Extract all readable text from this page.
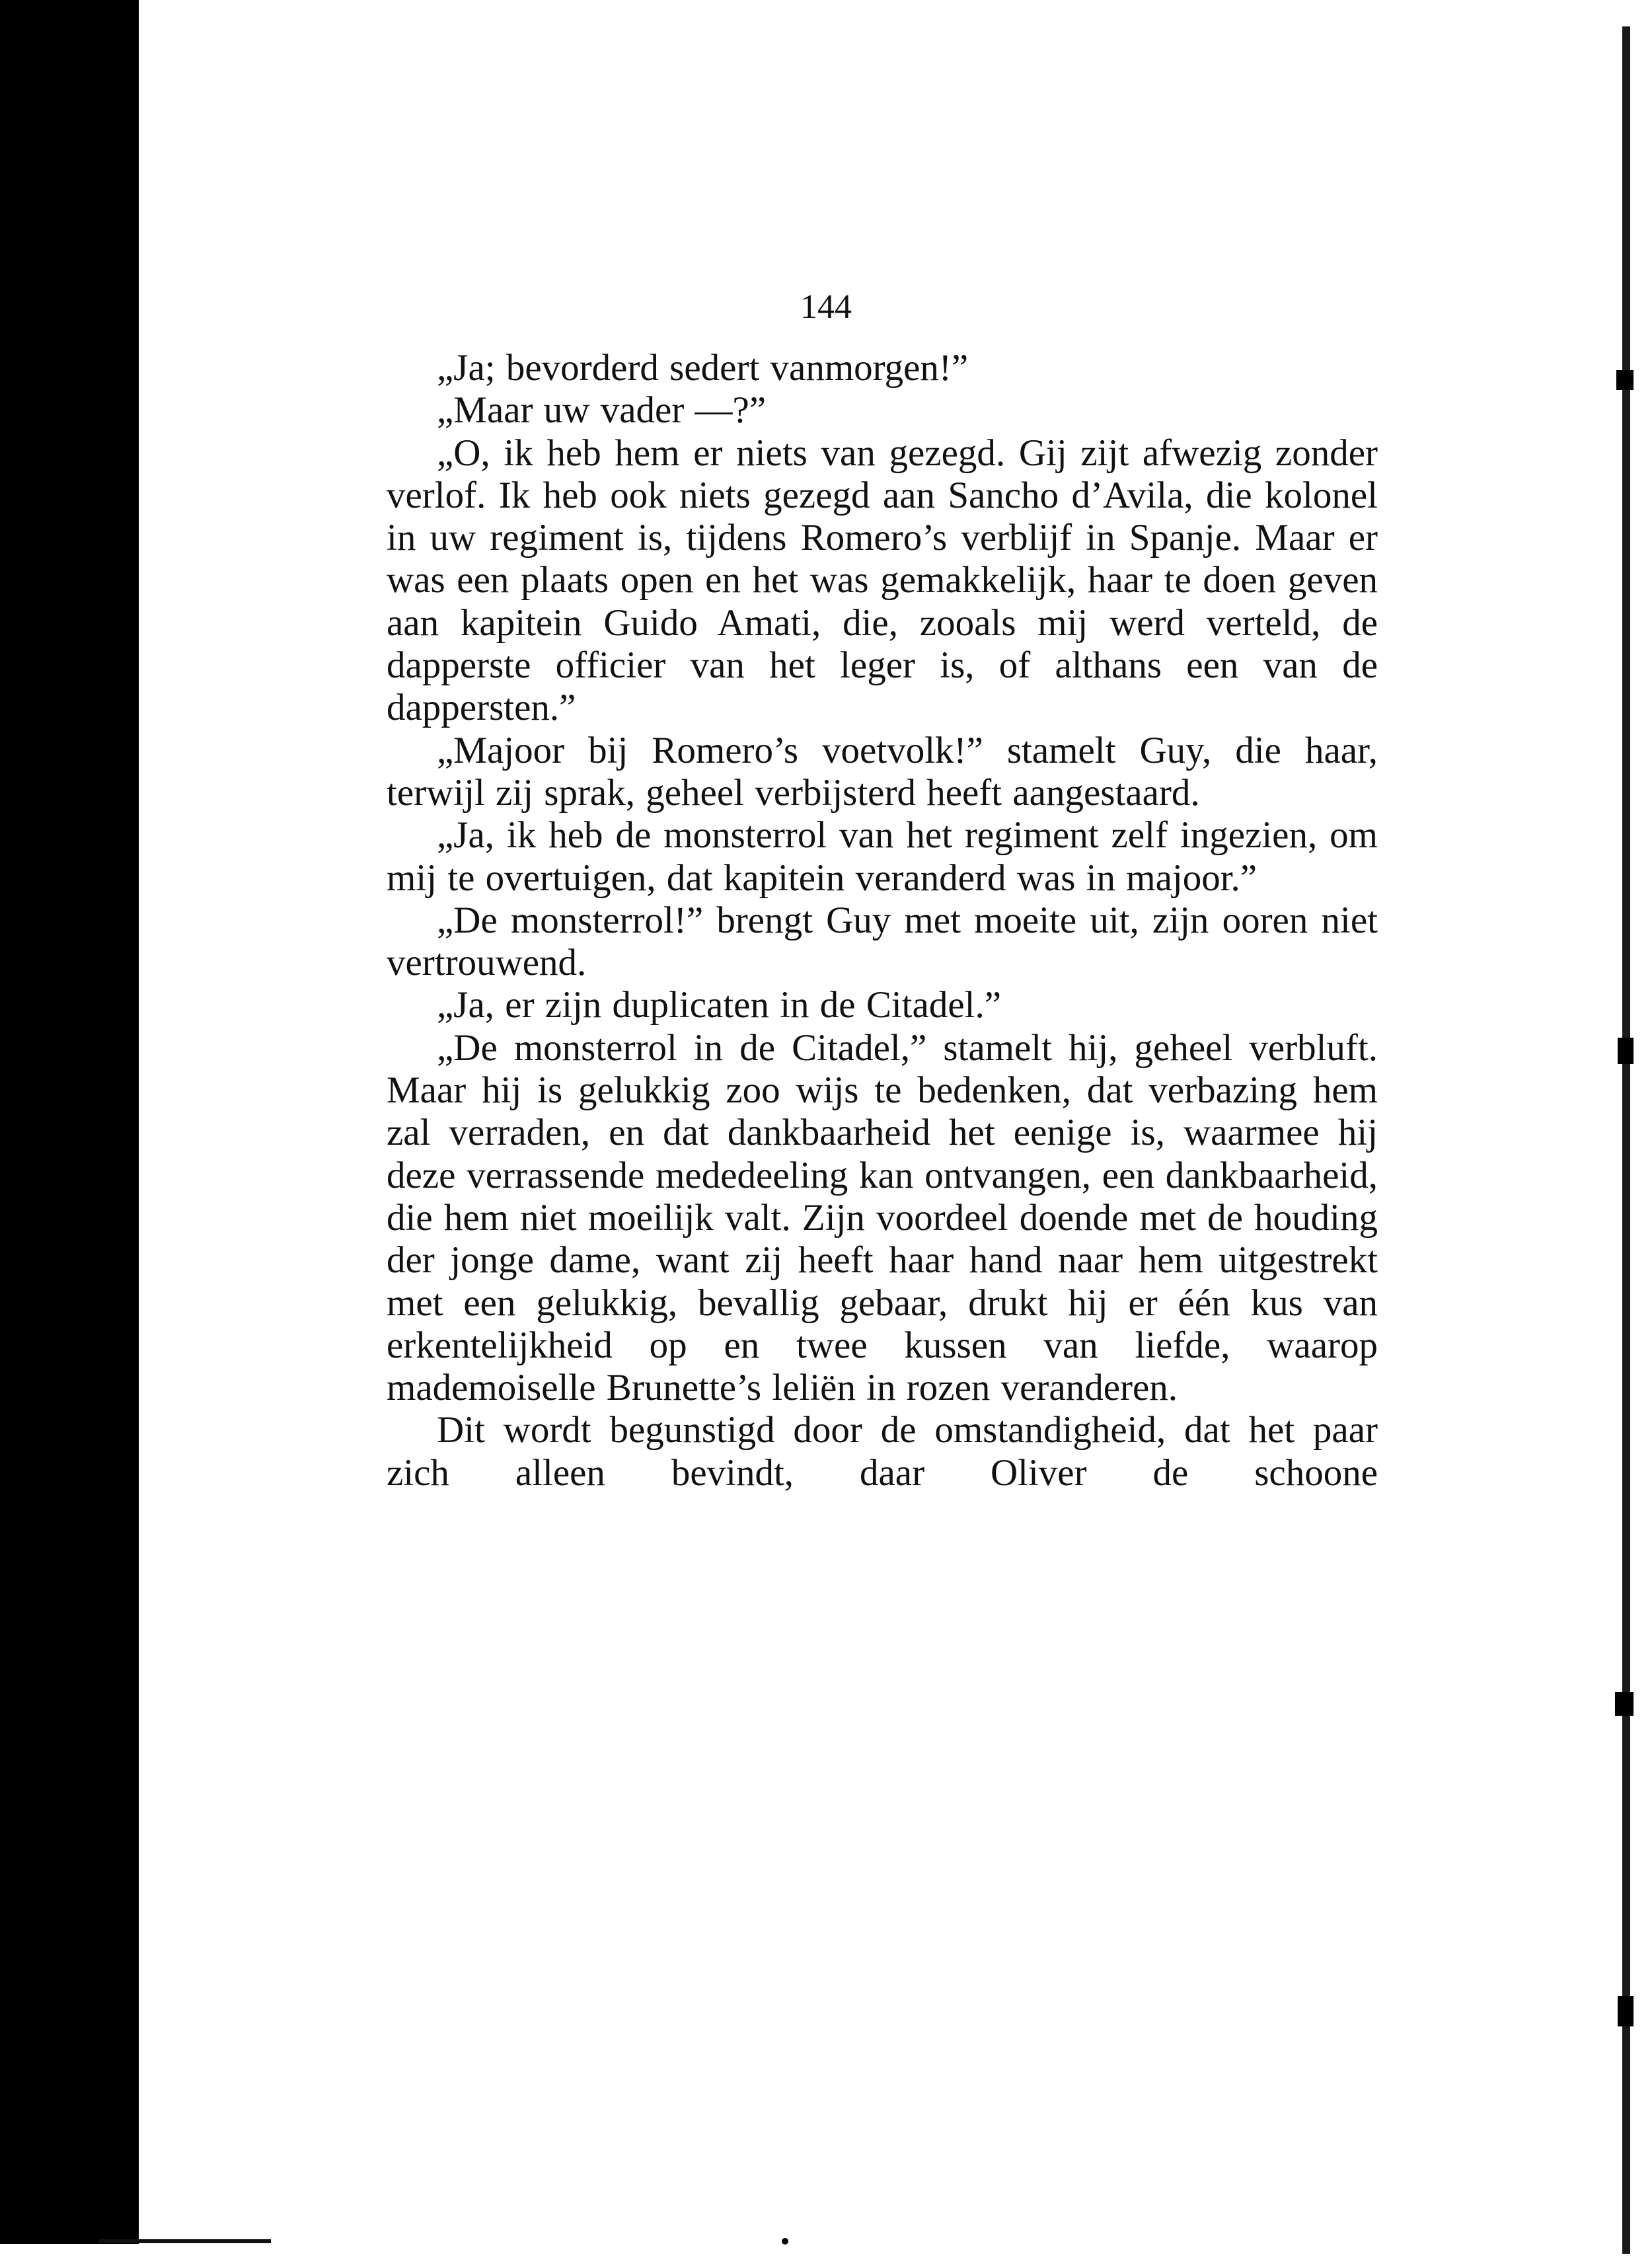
144

„Ja; bevorderd sedert vanmorgen!”

„Maar uw vader —?”

„O, ik heb hem er niets van gezegd. Gij zijt afwezig zonder verlof. Ik heb ook niets gezegd aan Sancho d’Avila, die kolonel in uw regiment is, tijdens Romero’s verblijf in Spanje. Maar er was een plaats open en het was gemakkelijk, haar te doen geven aan kapitein Guido Amati, die, zooals mij werd verteld, de dapperste officier van het leger is, of althans een van de dappersten.”

„Majoor bij Romero’s voetvolk!” stamelt Guy, die haar, terwijl zij sprak, geheel verbijsterd heeft aangestaard.

„Ja, ik heb de monsterrol van het regiment zelf ingezien, om mij te overtuigen, dat kapitein veranderd was in majoor.”

„De monsterrol!” brengt Guy met moeite uit, zijn ooren niet vertrouwend.

„Ja, er zijn duplicaten in de Citadel.”

„De monsterrol in de Citadel,” stamelt hij, geheel verbluft. Maar hij is gelukkig zoo wijs te bedenken, dat verbazing hem zal verraden, en dat dankbaarheid het eenige is, waarmee hij deze verrassende mededeeling kan ontvangen, een dankbaarheid, die hem niet moeilijk valt. Zijn voordeel doende met de houding der jonge dame, want zij heeft haar hand naar hem uitgestrekt met een gelukkig, bevallig gebaar, drukt hij er één kus van erkentelijkheid op en twee kussen van liefde, waarop mademoiselle Brunette’s leliën in rozen veranderen.

Dit wordt begunstigd door de omstandigheid, dat het paar zich alleen bevindt, daar Oliver de schoone
